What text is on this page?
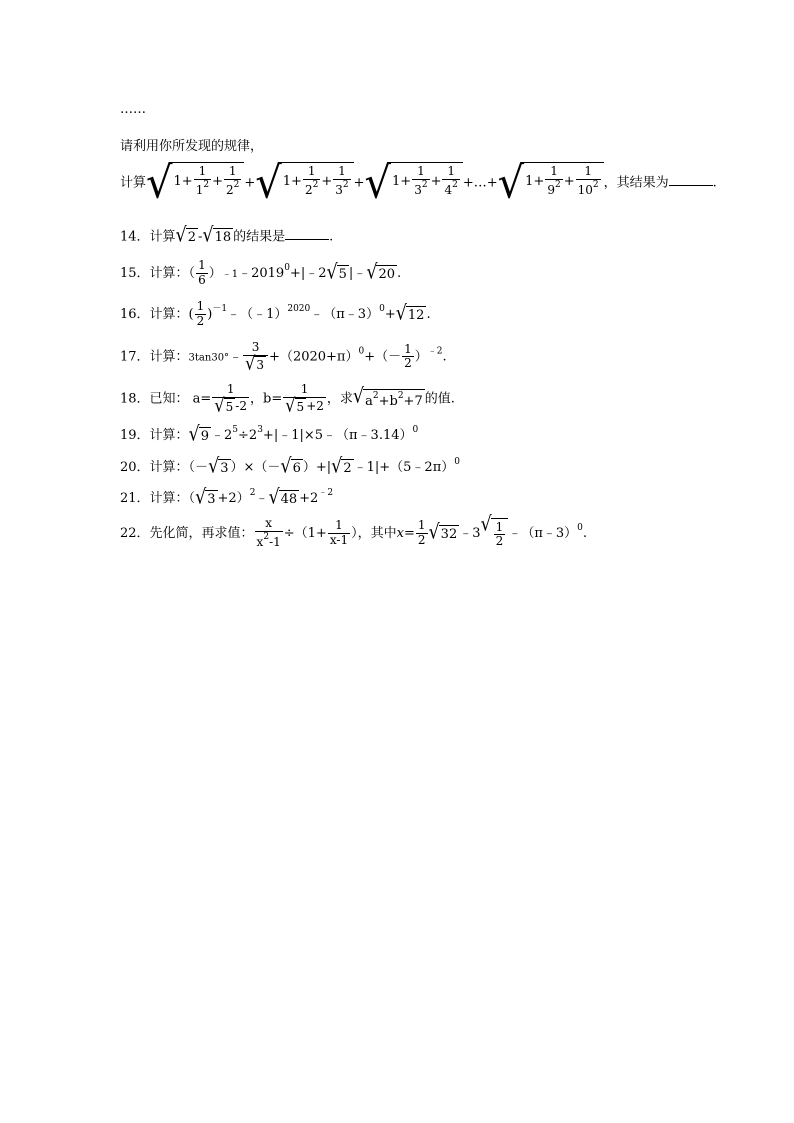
……
请利用你所发现的规律，
计算 √ $1+ \frac{1}{1^2} + \frac{1}{2^2}$ + √ $1+ \frac{1}{2^2} + \frac{1}{3^2}$ + √ $1+ \frac{1}{3^2} + \frac{1}{4^2}$ +…+ √ $1+ \frac{1}{9^2} + \frac{1}{10^2}$ ，其结果为	.
14．计算 √ 2 - √ 18 的结果是	.
15．计算：（ $\frac{1}{6}$ ）$﹣1﹣2019^0+|﹣2$ √ 5 |﹣ √ 20 .
16．计算：( $\frac{1}{2}$ )$^{-1}$﹣（﹣1）$^{2020}$﹣（π﹣3）$^0$+ √ 12 .
17．计算：3tan30°﹣ $\frac{3}{√ 3} +(2020+\pi)^0+(- \frac{1}{2} )^{﹣2}$.
18．已知： $a= \frac{1}{√ 5 -2}$ ，$b= \frac{1}{√ 5 +2}$ ，求 √ $a^2+b^2+7$ 的值.
19．计算： √ 9 $﹣2^5\div 2^3+|﹣1|\times 5﹣(\pi﹣3.14)^0$
20．计算：（－ √ 3 ）×（－ √ 6 ）+| √ 2 ﹣1|+（5﹣2π）$^0$
21．计算：（ √ 3 +2）$^2$﹣ √ $48 +2^{﹣2}$
22．先化简，再求值： $\frac{x}{x^2-1} \div(1+ \frac{1}{x-1}$ ），其中$x= \frac{1}{2}$ √ 32 ﹣3 √ $\frac{1}{2}$ ﹣（π﹣3）$^0$.
